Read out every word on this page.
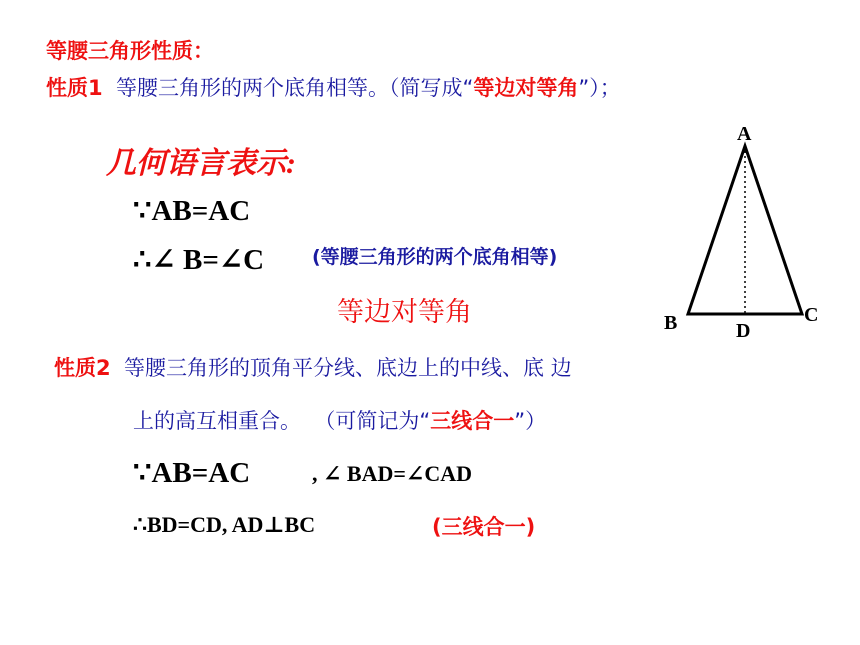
等腰三角形性质：
性质1 等腰三角形的两个底角相等。（简写成“等边对等角”）；
几何语言表示:
∵AB=AC
∴∠ B=∠C	(等腰三角形的两个底角相等)
等边对等角
A
B	C
D
性质2 等腰三角形的顶角平分线、底边上的中线、底 边
上的高互相重合。 （可简记为“三线合一”）
∵AB=AC	, ∠ BAD=∠CAD
∴BD=CD, AD⊥BC	(三线合一)
